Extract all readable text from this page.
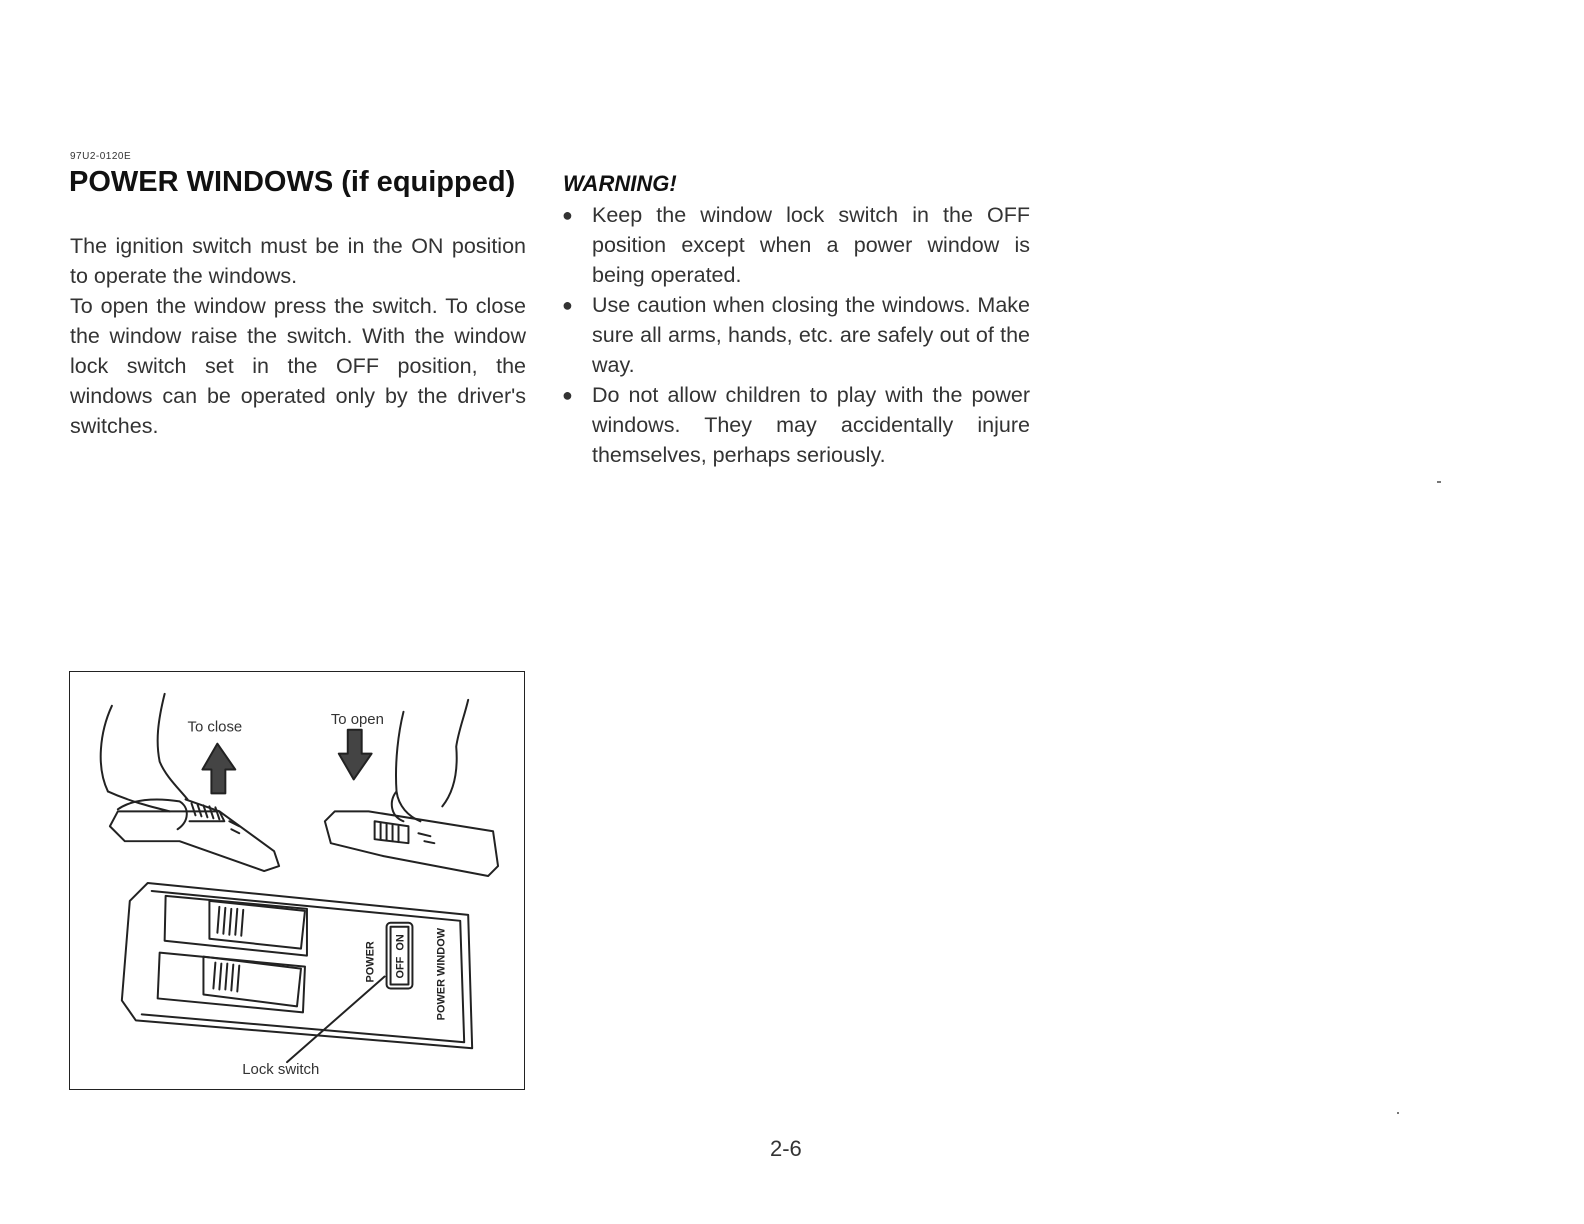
97U2-0120E
POWER WINDOWS (if equipped)

The ignition switch must be in the ON position to operate the windows.

To open the window press the switch. To close the window raise the switch. With the window lock switch set in the OFF position, the windows can be operated only by the driver's switches.

WARNING!
● Keep the window lock switch in the OFF position except when a power window is being operated.
● Use caution when closing the windows. Make sure all arms, hands, etc. are safely out of the way.
● Do not allow children to play with the power windows. They may accidentally injure themselves, perhaps seriously.
To close	To open
Lock switch
POWER OFF
ON	POWER WINDOW
2-6
